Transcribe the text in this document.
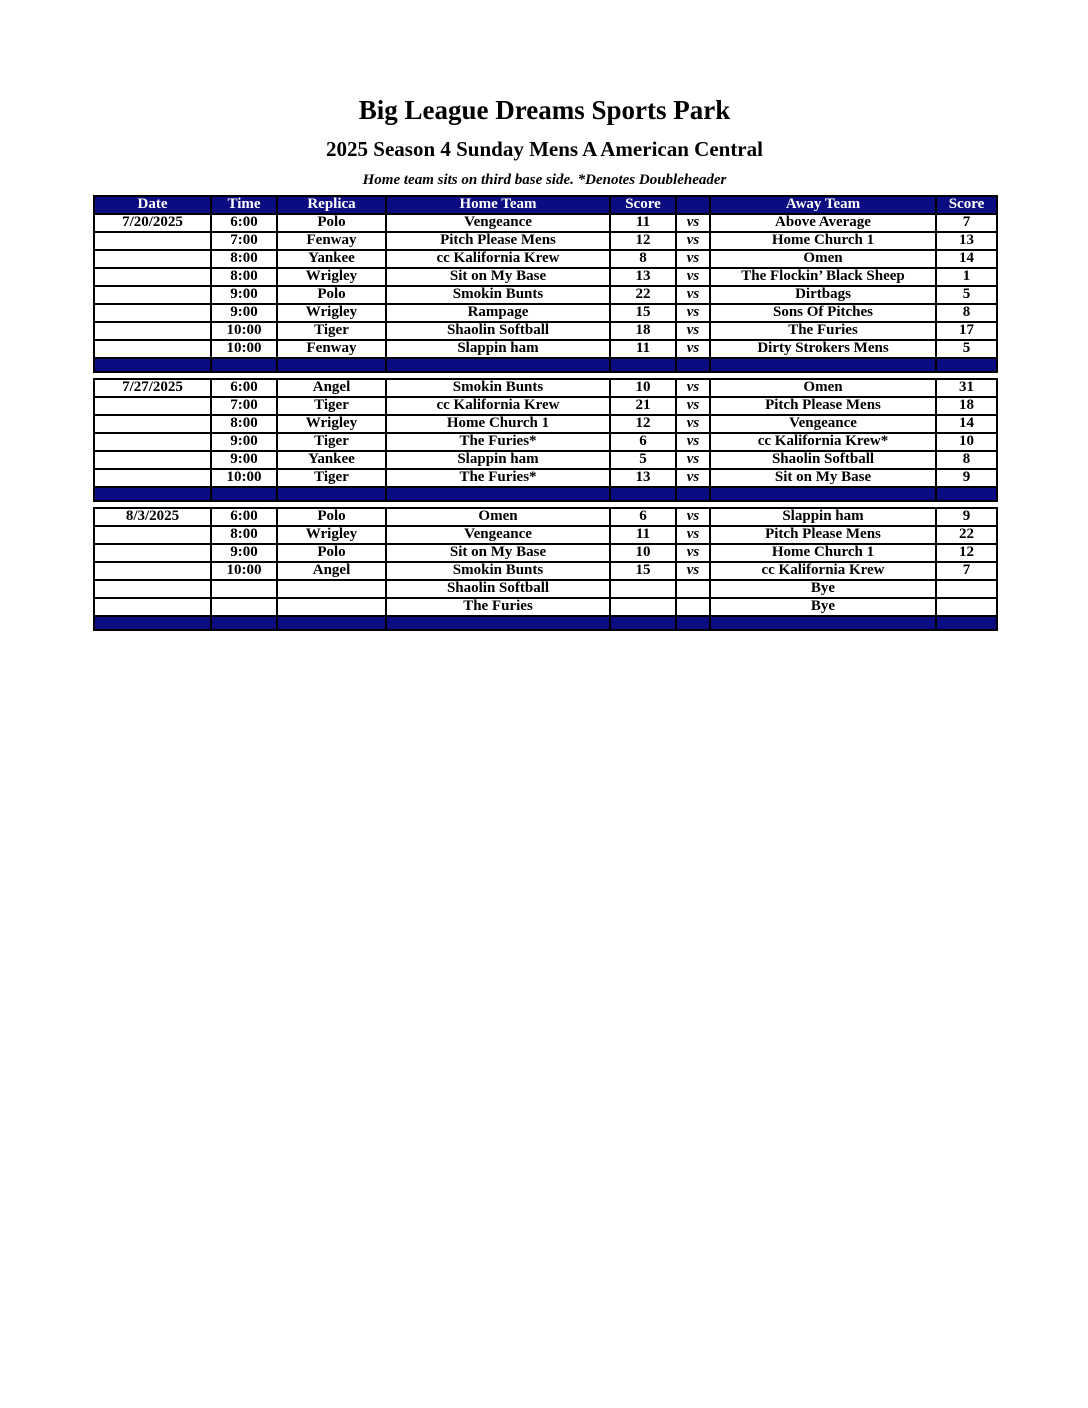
Big League Dreams Sports Park
2025 Season 4 Sunday Mens A American Central
Home team sits on third base side. *Denotes Doubleheader
Date	Time	Replica	Home Team	Score		Away Team	Score
7/20/2025	6:00	Polo	Vengeance	11	vs	Above Average	7
	7:00	Fenway	Pitch Please Mens	12	vs	Home Church 1	13
	8:00	Yankee	cc Kalifornia Krew	8	vs	Omen	14
	8:00	Wrigley	Sit on My Base	13	vs	The Flockin’ Black Sheep	1
	9:00	Polo	Smokin Bunts	22	vs	Dirtbags	5
	9:00	Wrigley	Rampage	15	vs	Sons Of Pitches	8
	10:00	Tiger	Shaolin Softball	18	vs	The Furies	17
	10:00	Fenway	Slappin ham	11	vs	Dirty Strokers Mens	5

7/27/2025	6:00	Angel	Smokin Bunts	10	vs	Omen	31
	7:00	Tiger	cc Kalifornia Krew	21	vs	Pitch Please Mens	18
	8:00	Wrigley	Home Church 1	12	vs	Vengeance	14
	9:00	Tiger	The Furies*	6	vs	cc Kalifornia Krew*	10
	9:00	Yankee	Slappin ham	5	vs	Shaolin Softball	8
	10:00	Tiger	The Furies*	13	vs	Sit on My Base	9

8/3/2025	6:00	Polo	Omen	6	vs	Slappin ham	9
	8:00	Wrigley	Vengeance	11	vs	Pitch Please Mens	22
	9:00	Polo	Sit on My Base	10	vs	Home Church 1	12
	10:00	Angel	Smokin Bunts	15	vs	cc Kalifornia Krew	7
			Shaolin Softball			Bye	
			The Furies			Bye	
